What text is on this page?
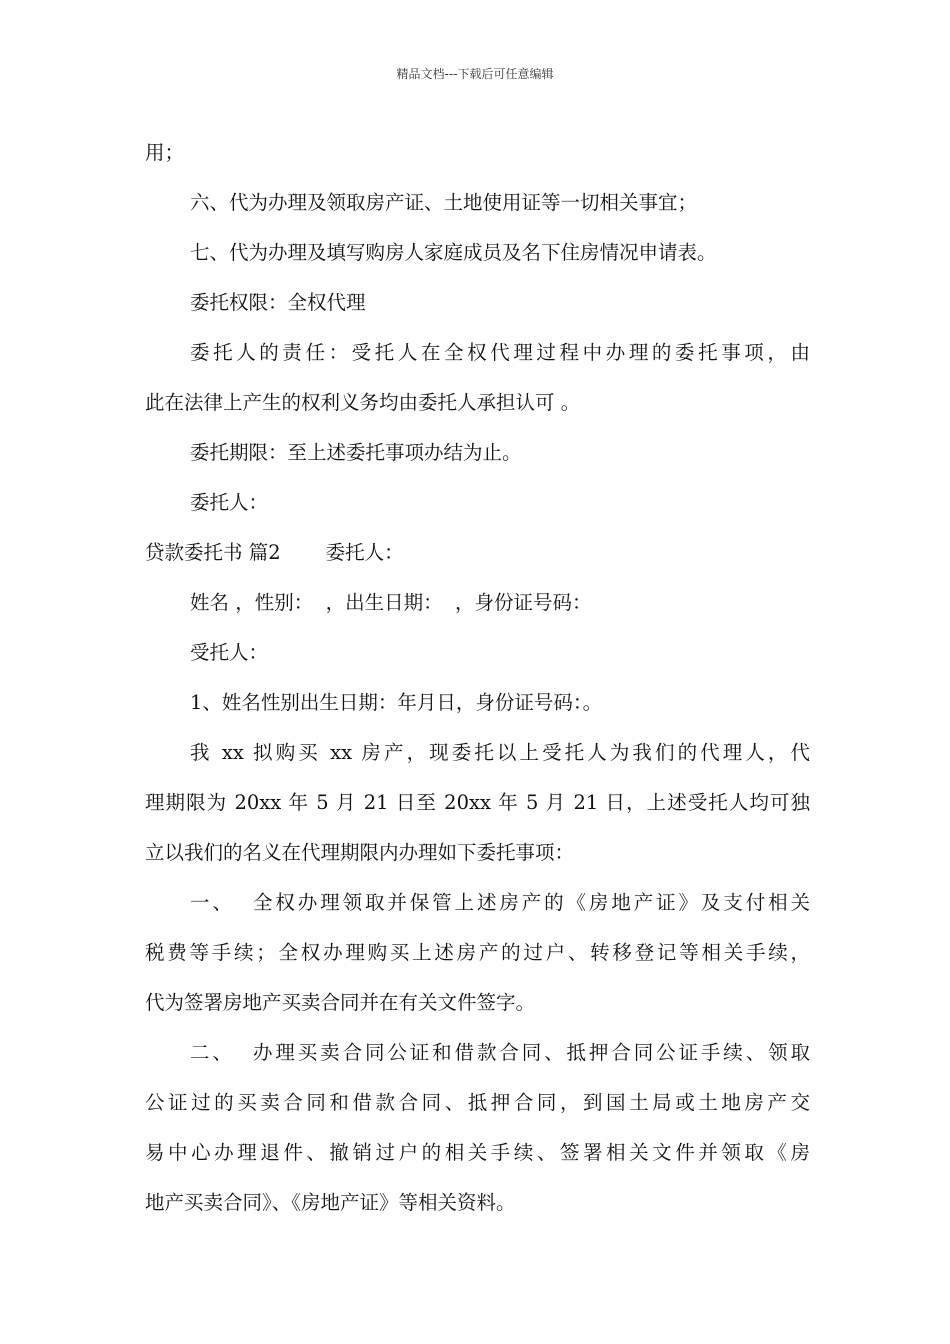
精品文档---下载后可任意编辑
用；
六、代为办理及领取房产证、土地使用证等一切相关事宜；
七、代为办理及填写购房人家庭成员及名下住房情况申请表。
委托权限：全权代理
委托人的责任：受托人在全权代理过程中办理的委托事项，由
此在法律上产生的权利义务均由委托人承担认可 。
委托期限：至上述委托事项办结为止。
委托人：
贷款委托书 篇2 委托人：
姓名 ，性别：  ，出生日期：  ，身份证号码：
受托人：
1、姓名性别出生日期：年月日，身份证号码：。
我 xx 拟购买 xx 房产，现委托以上受托人为我们的代理人，代
理期限为 20xx 年 5 月 21 日至 20xx 年 5 月 21 日，上述受托人均可独
立以我们的名义在代理期限内办理如下委托事项：
一、  全权办理领取并保管上述房产的《房地产证》及支付相关
税费等手续；全权办理购买上述房产的过户、转移登记等相关手续，
代为签署房地产买卖合同并在有关文件签字。
二、  办理买卖合同公证和借款合同、抵押合同公证手续、领取
公证过的买卖合同和借款合同、抵押合同，到国土局或土地房产交
易中心办理退件、撤销过户的相关手续、签署相关文件并领取《房
地产买卖合同》、《房地产证》等相关资料。
